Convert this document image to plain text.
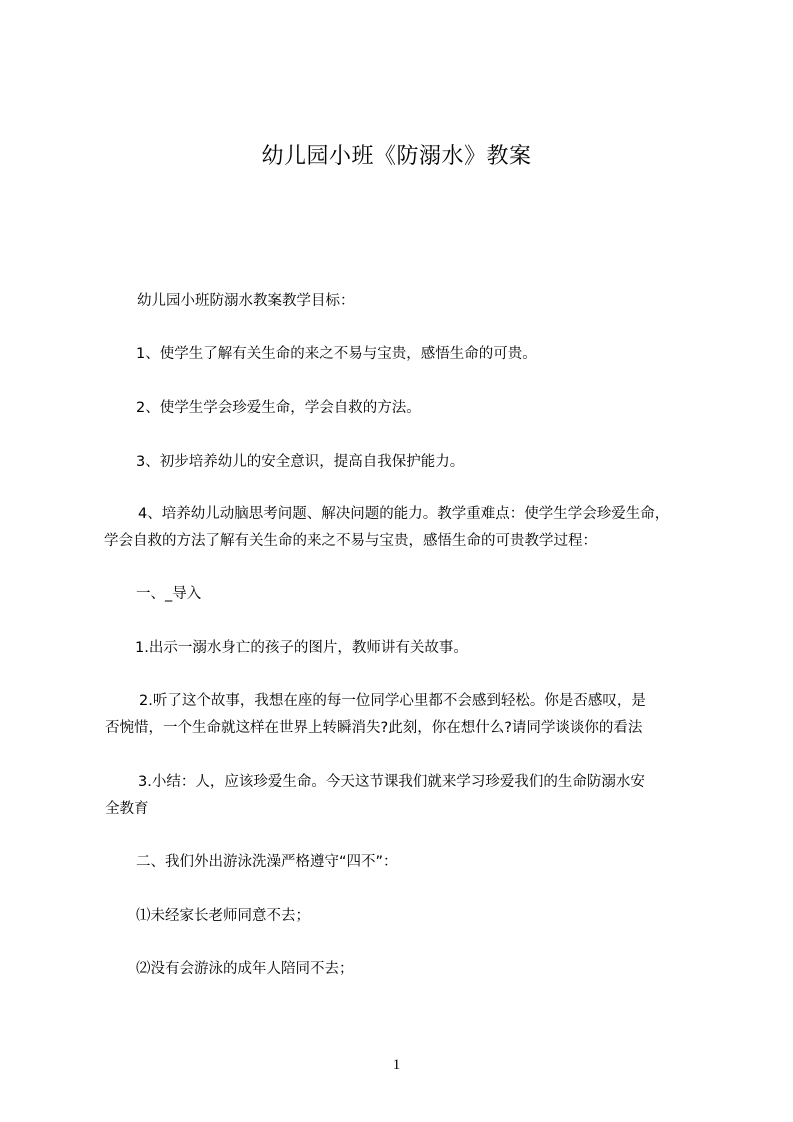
幼儿园小班《防溺水》教案
幼儿园小班防溺水教案教学目标：
1、使学生了解有关生命的来之不易与宝贵，感悟生命的可贵。
2、使学生学会珍爱生命，学会自救的方法。
3、初步培养幼儿的安全意识，提高自我保护能力。
4、培养幼儿动脑思考问题、解决问题的能力。教学重难点：使学生学会珍爱生命，
学会自救的方法了解有关生命的来之不易与宝贵，感悟生命的可贵教学过程：
一、_导入
1.出示一溺水身亡的孩子的图片，教师讲有关故事。
2.听了这个故事，我想在座的每一位同学心里都不会感到轻松。你是否感叹，是
否惋惜，一个生命就这样在世界上转瞬消失?此刻，你在想什么?请同学谈谈你的看法
3.小结：人，应该珍爱生命。今天这节课我们就来学习珍爱我们的生命防溺水安
全教育
二、我们外出游泳洗澡严格遵守“四不”：
⑴未经家长老师同意不去；
⑵没有会游泳的成年人陪同不去；
1
